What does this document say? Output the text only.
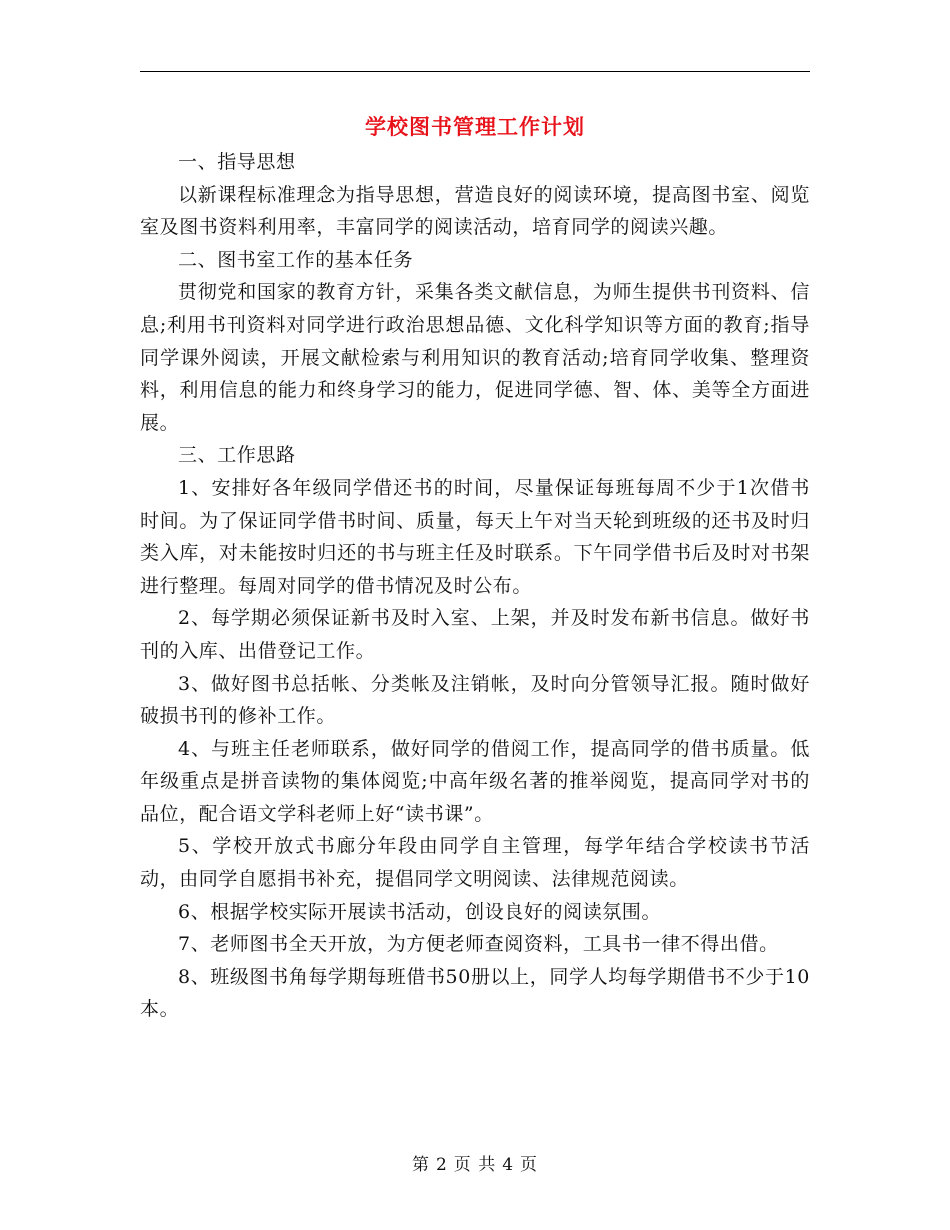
学校图书管理工作计划

一、指导思想

以新课程标准理念为指导思想，营造良好的阅读环境，提高图书室、阅览室及图书资料利用率，丰富同学的阅读活动，培育同学的阅读兴趣。

二、图书室工作的基本任务

贯彻党和国家的教育方针，采集各类文献信息，为师生提供书刊资料、信息;利用书刊资料对同学进行政治思想品德、文化科学知识等方面的教育;指导同学课外阅读，开展文献检索与利用知识的教育活动;培育同学收集、整理资料，利用信息的能力和终身学习的能力，促进同学德、智、体、美等全方面进展。

三、工作思路

1、安排好各年级同学借还书的时间，尽量保证每班每周不少于1次借书时间。为了保证同学借书时间、质量，每天上午对当天轮到班级的还书及时归类入库，对未能按时归还的书与班主任及时联系。下午同学借书后及时对书架进行整理。每周对同学的借书情况及时公布。

2、每学期必须保证新书及时入室、上架，并及时发布新书信息。做好书刊的入库、出借登记工作。

3、做好图书总括帐、分类帐及注销帐，及时向分管领导汇报。随时做好破损书刊的修补工作。

4、与班主任老师联系，做好同学的借阅工作，提高同学的借书质量。低年级重点是拼音读物的集体阅览;中高年级名著的推举阅览，提高同学对书的品位，配合语文学科老师上好“读书课”。

5、学校开放式书廊分年段由同学自主管理，每学年结合学校读书节活动，由同学自愿捐书补充，提倡同学文明阅读、法律规范阅读。

6、根据学校实际开展读书活动，创设良好的阅读氛围。

7、老师图书全天开放，为方便老师查阅资料，工具书一律不得出借。

8、班级图书角每学期每班借书50册以上，同学人均每学期借书不少于10本。

第 2 页 共 4 页
